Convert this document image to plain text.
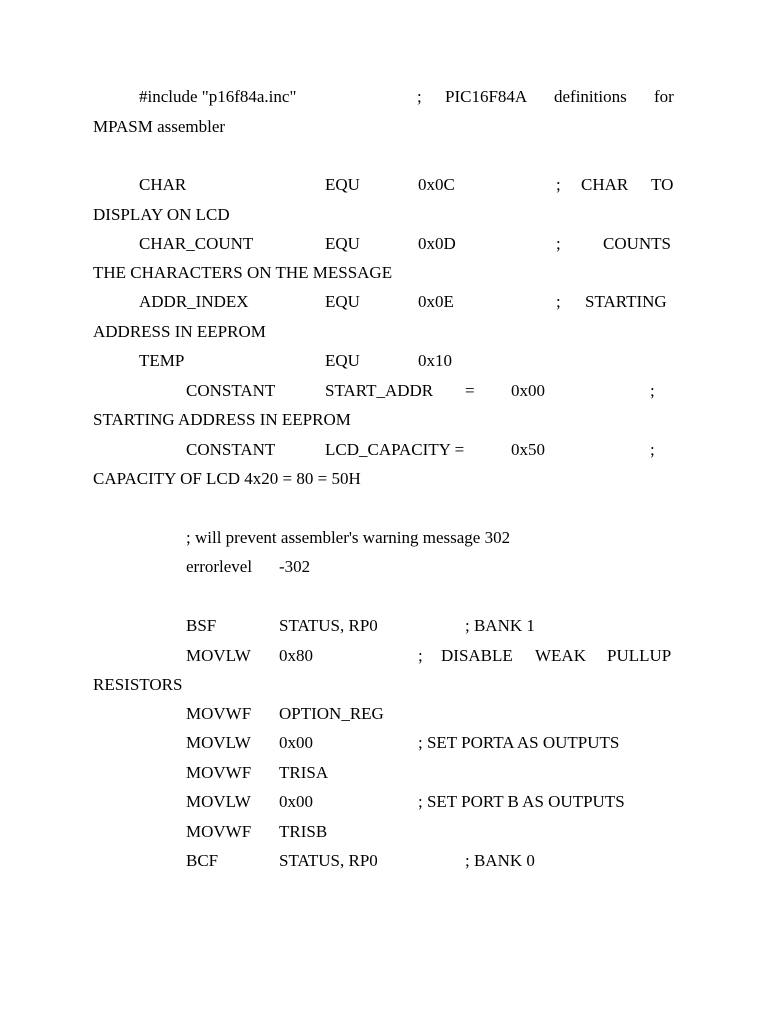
#include "p16f84a.inc"	; PIC16F84A definitions for
MPASM assembler
CHAR	EQU	0x0C	; CHAR TO
DISPLAY ON LCD
CHAR_COUNT	EQU	0x0D	; COUNTS
THE CHARACTERS ON THE MESSAGE
ADDR_INDEX	EQU	0x0E	; STARTING
ADDRESS IN EEPROM
TEMP	EQU	0x10
CONSTANT	START_ADDR = 0x00	;
STARTING ADDRESS IN EEPROM
CONSTANT	LCD_CAPACITY =	0x50	;
CAPACITY OF LCD 4x20 = 80 = 50H
; will prevent assembler's warning message 302
errorlevel -302
BSF	STATUS, RP0	; BANK 1
MOVLW 0x80	; DISABLE WEAK PULLUP
RESISTORS
MOVWF OPTION_REG
MOVLW 0x00	; SET PORTA AS OUTPUTS
MOVWF TRISA
MOVLW 0x00	; SET PORT B AS OUTPUTS
MOVWF TRISB
BCF	STATUS, RP0	; BANK 0
